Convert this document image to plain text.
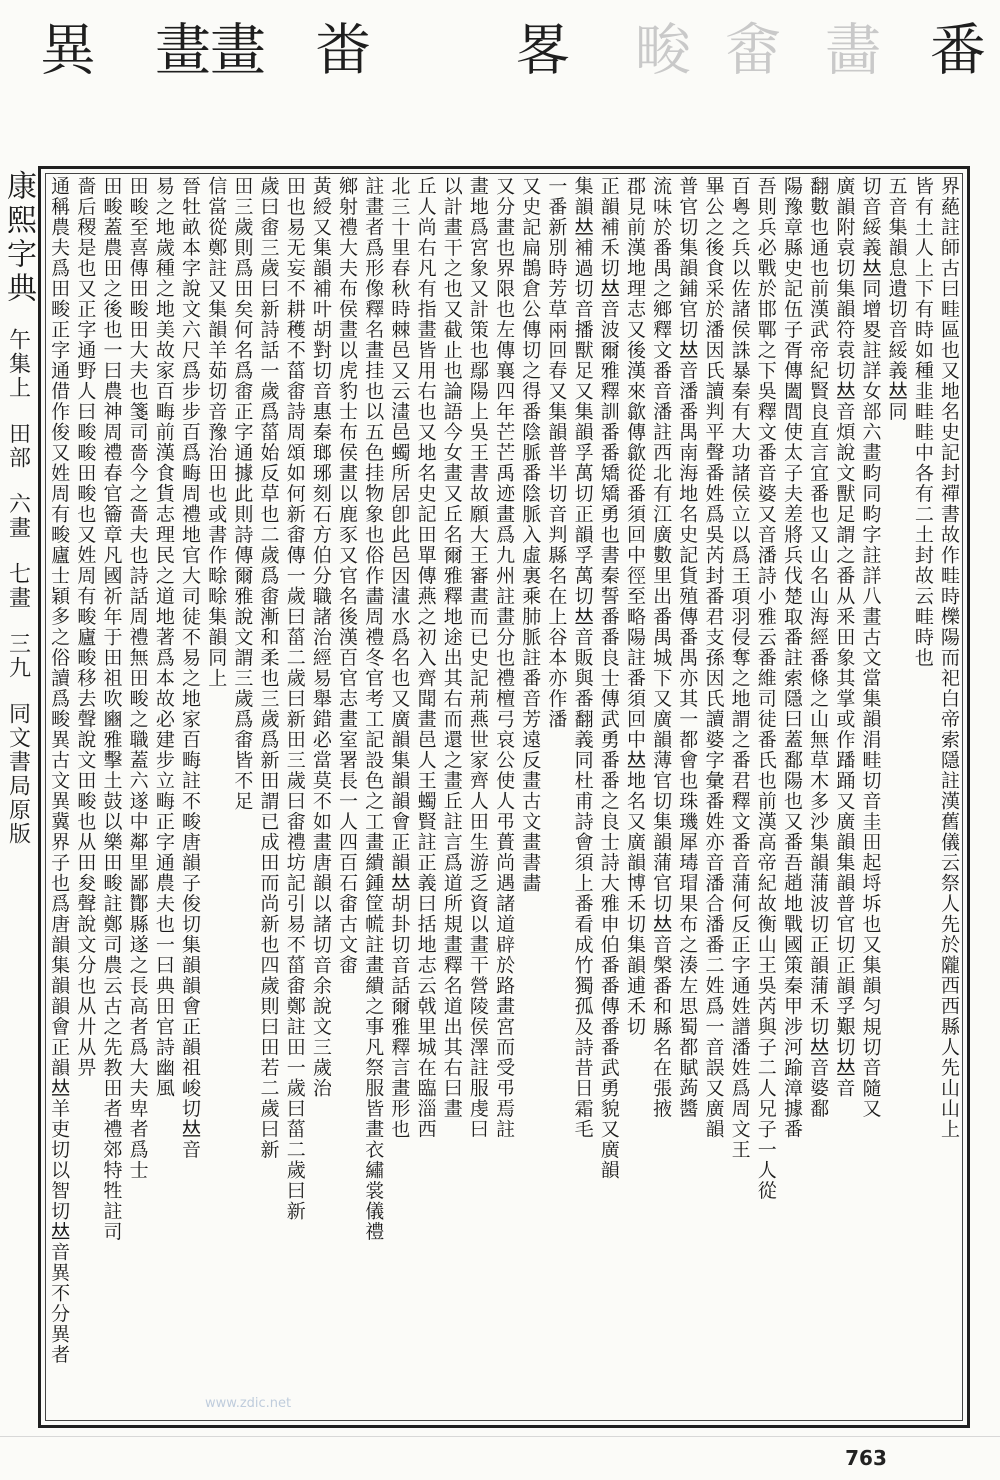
番
畵
畬
畯
畧
畨
畫
畫
異
康熙字典
午集上
田部
六畫
七畫
三九
同文書局原版	界蕝註師古曰畦區也又地名史記封禪書故作畦時櫟陽而祀白帝索隱註漢舊儀云祭人先於隴西西縣人先山山上
皆有土人上下有時如種韭畦畦中各有二土封故云畦時也
五音集韻息遺切音綏義𠀤同
切音綏義𠀤同增畟註詳女部六畫畇同畇字註詳八畫古文當集韻涓畦切音圭田起埒坼也又集韻匀規切音隨又
廣韻附袁切集韻符袁切𠀤音煩說文獸足謂之番从釆田象其掌或作蹯踊又廣韻集韻普官切正韻孚艱切𠀤音
翻數也通也前漢武帝紀賢良直言宜番也又山名山海經番條之山無草木多沙集韻蒲波切正韻蒲禾切𠀤音婆鄱
陽豫章縣史記伍子胥傳闔閭使太子夫差將兵伐楚取番註索隱曰蓋鄱陽也又番吾趙地戰國策秦甲涉河踰漳據番
吾則兵必戰於邯鄲之下吳釋文番音婆又音潘詩小雅云番維司徒番氏也前漢高帝紀故衡山王吳芮與子二人兄子一人從
百粵之兵以佐諸侯誅暴秦有大功諸侯立以爲王項羽侵奪之地謂之番君釋文番音蒲何反正字通姓譜潘姓爲周文王
畢公之後食采於潘因氏讀判平聲番姓爲吳芮封番君支孫因氏讀婆字彙番姓亦音潘合潘番二姓爲一音誤又廣韻
普官切集韻鋪官切𠀤音潘番禺南海地名史記貨殖傳番禺亦其一都會也珠璣犀瑇瑁果布之湊左思蜀都賦蒟醬
流味於番禺之鄉釋文番音潘註西北有江廣數里出番禺城下又廣韻薄官切集韻蒲官切𠀤音槃番和縣名在張掖
郡見前漢地理志又後漢來歙傳歙從番須回中徑至略陽註番須回中𠀤地名又廣韻博禾切集韻逋禾切
正韻補禾切𠀤音波爾雅釋訓番番矯矯勇也書秦誓番番良士傳武勇番番之良士詩大雅申伯番番傳番番武勇貌又廣韻
集韻𠀤補過切音播獸足又集韻孚萬切正韻孚萬切𠀤音販與番翻義同杜甫詩會須上番看成竹獨孤及詩昔日霜毛
一番新別時芳草兩回春又集韻普半切音判縣名在上谷本亦作潘
又史記扁鵲倉公傳切之得番陰脈番陰脈入虛裏乘肺脈註番音芳遠反畫古文畫書畵
又分畫也界限也左傳襄四年芒芒禹迹畫爲九州註畫分也禮檀弓哀公使人弔蕢尚遇諸道辟於路畫宮而受弔焉註
畫地爲宮象又計策也鄢陽上吳王書故願大王審畫而已史記荊燕世家齊人田生游乏資以畫干營陵侯澤註服虔曰
以計畫干之也又截止也論語今女畫又丘名爾雅釋地途出其右而還之畫丘註言爲道所規畫釋名道出其右曰畫
丘人尚右凡有指畫皆用右也又地名史記田單傳燕之初入齊聞畫邑人王蠋賢註正義曰括地志云戟里城在臨淄西
北三十里春秋時棘邑又云澅邑蠋所居卽此邑因澅水爲名也又廣韻集韻韻會正韻𠀤胡卦切音話爾雅釋言畫形也
註畫者爲形像釋名畫挂也以五色挂物象也俗作畵周禮冬官考工記設色之工畫繢鍾筐㡛註畫繢之事凡祭服皆畫衣繡裳儀禮
鄉射禮大夫布侯畫以虎豹士布侯畫以鹿豕又官名後漢百官志畫室署長一人四百石畬古文畬
黃綬又集韻補叶胡對切音惠秦瑯琊刻石方伯分職諸治經易舉錯必當莫不如畫唐韻以諸切音余說文三歲治
田也易无妄不耕穫不菑畬詩周頌如何新畬傳一歲曰菑二歲曰新田三歲曰畬禮坊記引易不菑畬鄭註田一歲曰菑二歲曰新
歲曰畬三歲曰新詩話一歲爲菑始反草也二歲爲畬漸和柔也三歲爲新田謂已成田而尚新也四歲則曰田若二歲曰新
田三歲則爲田矣何名爲畬正字通據此則詩傳爾雅說文謂三歲爲畬皆不足
信當從鄭註又集韻羊茹切音豫治田也或書作畭畭集韻同上
晉牡畝本字說文六尺爲步步百爲畮周禮地官大司徒不易之地家百畮註不畯唐韻子俊切集韻韻會正韻祖峻切𠀤音
易之地歲種之地美故家百畮前漢食貨志理民之道地著爲本故必建步立畮正字通農夫也一曰典田官詩幽風
田畯至喜傳田畯田大夫也箋司嗇今之嗇夫也詩話周禮無田畯之職蓋六遂中鄰里鄙酇縣遂之長高者爲大夫卑者爲士
田畯蓋農田之後也一曰農神周禮春官籥章凡國祈年于田祖吹豳雅擊土鼓以樂田畯註鄭司農云古之先教田者禮郊特牲註司
嗇后稷是也又正字通野人曰畯畯田畯也又姓周有畯廬畯移去聲說文田畯也从田夋聲說文分也从廾从畀
通稱農夫爲田畯正字通借作俊又姓周有畯廬士穎多之俗讀爲畯異古文異冀界子也爲唐韻集韻韻會正韻𠀤羊吏切以智切𠀤音異不分異者
www.zdic.net
763
